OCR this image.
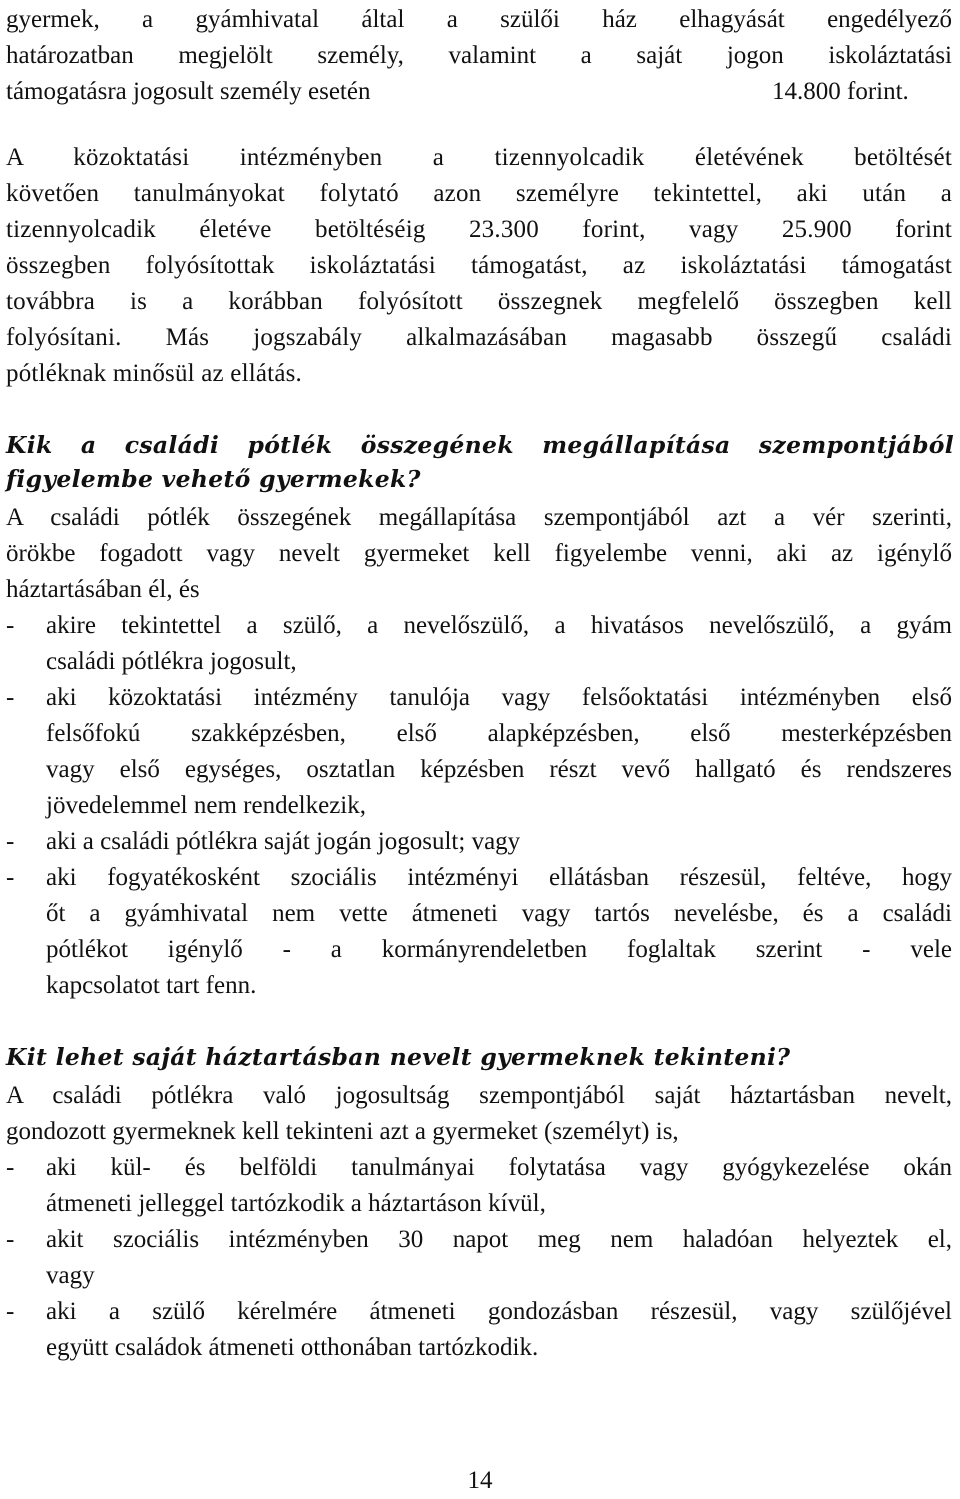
gyermek, a gyámhivatal által a szülői ház elhagyását engedélyező
határozatban megjelölt személy, valamint a saját jogon iskoláztatási
támogatásra jogosult személy esetén	14.800 forint.
A közoktatási intézményben a tizennyolcadik életévének betöltését
követően tanulmányokat folytató azon személyre tekintettel, aki után a
tizennyolcadik életéve betöltéséig 23.300 forint, vagy 25.900 forint
összegben folyósítottak iskoláztatási támogatást, az iskoláztatási támogatást
továbbra is a korábban folyósított összegnek megfelelő összegben kell
folyósítani. Más jogszabály alkalmazásában magasabb összegű családi
pótléknak minősül az ellátás.
Kik a családi pótlék összegének megállapítása szempontjából
figyelembe vehető gyermekek?
A családi pótlék összegének megállapítása szempontjából azt a vér szerinti,
örökbe fogadott vagy nevelt gyermeket kell figyelembe venni, aki az igénylő
háztartásában él, és
- akire tekintettel a szülő, a nevelőszülő, a hivatásos nevelőszülő, a gyám
családi pótlékra jogosult,
- aki közoktatási intézmény tanulója vagy felsőoktatási intézményben első
felsőfokú szakképzésben, első alapképzésben, első mesterképzésben
vagy első egységes, osztatlan képzésben részt vevő hallgató és rendszeres
jövedelemmel nem rendelkezik,
- aki a családi pótlékra saját jogán jogosult; vagy
- aki fogyatékosként szociális intézményi ellátásban részesül, feltéve, hogy
őt a gyámhivatal nem vette átmeneti vagy tartós nevelésbe, és a családi
pótlékot igénylő - a kormányrendeletben foglaltak szerint - vele
kapcsolatot tart fenn.
Kit lehet saját háztartásban nevelt gyermeknek tekinteni?
A családi pótlékra való jogosultság szempontjából saját háztartásban nevelt,
gondozott gyermeknek kell tekinteni azt a gyermeket (személyt) is,
- aki kül- és belföldi tanulmányai folytatása vagy gyógykezelése okán
átmeneti jelleggel tartózkodik a háztartáson kívül,
- akit szociális intézményben 30 napot meg nem haladóan helyeztek el,
vagy
- aki a szülő kérelmére átmeneti gondozásban részesül, vagy szülőjével
együtt családok átmeneti otthonában tartózkodik.
14
